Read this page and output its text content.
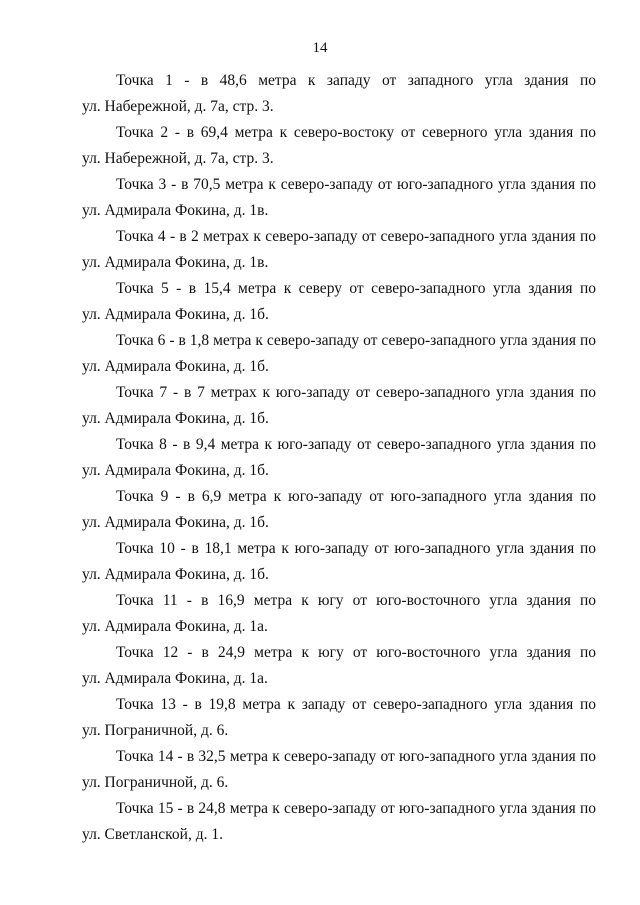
14
Точка 1 - в 48,6 метра к западу от западного угла здания по
ул. Набережной, д. 7а, стр. 3.
Точка 2 - в 69,4 метра к северо-востоку от северного угла здания по
ул. Набережной, д. 7а, стр. 3.
Точка 3 - в 70,5 метра к северо-западу от юго-западного угла здания по
ул. Адмирала Фокина, д. 1в.
Точка 4 - в 2 метрах к северо-западу от северо-западного угла здания по
ул. Адмирала Фокина, д. 1в.
Точка 5 - в 15,4 метра к северу от северо-западного угла здания по
ул. Адмирала Фокина, д. 1б.
Точка 6 - в 1,8 метра к северо-западу от северо-западного угла здания по
ул. Адмирала Фокина, д. 1б.
Точка 7 - в 7 метрах к юго-западу от северо-западного угла здания по
ул. Адмирала Фокина, д. 1б.
Точка 8 - в 9,4 метра к юго-западу от северо-западного угла здания по
ул. Адмирала Фокина, д. 1б.
Точка 9 - в 6,9 метра к юго-западу от юго-западного угла здания по
ул. Адмирала Фокина, д. 1б.
Точка 10 - в 18,1 метра к юго-западу от юго-западного угла здания по
ул. Адмирала Фокина, д. 1б.
Точка 11 - в 16,9 метра к югу от юго-восточного угла здания по
ул. Адмирала Фокина, д. 1а.
Точка 12 - в 24,9 метра к югу от юго-восточного угла здания по
ул. Адмирала Фокина, д. 1а.
Точка 13 - в 19,8 метра к западу от северо-западного угла здания по
ул. Пограничной, д. 6.
Точка 14 - в 32,5 метра к северо-западу от юго-западного угла здания по
ул. Пограничной, д. 6.
Точка 15 - в 24,8 метра к северо-западу от юго-западного угла здания по
ул. Светланской, д. 1.
